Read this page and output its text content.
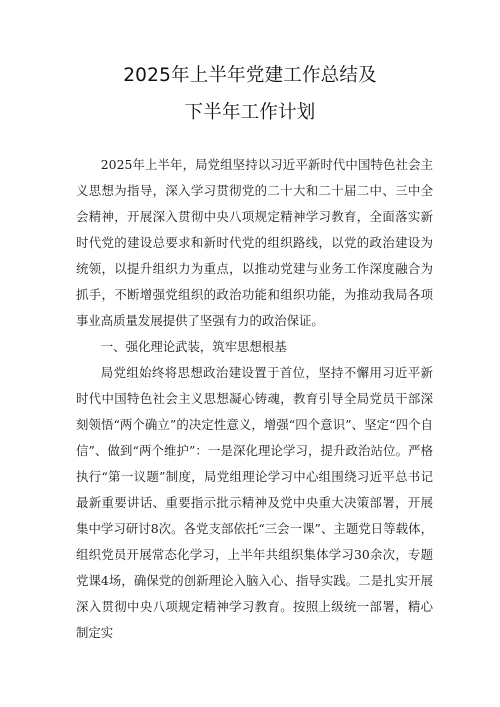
2025年上半年党建工作总结及
下半年工作计划

2025年上半年，局党组坚持以习近平新时代中国特色社会主义思想为指导，深入学习贯彻党的二十大和二十届二中、三中全会精神，开展深入贯彻中央八项规定精神学习教育，全面落实新时代党的建设总要求和新时代党的组织路线，以党的政治建设为统领，以提升组织力为重点，以推动党建与业务工作深度融合为抓手，不断增强党组织的政治功能和组织功能，为推动我局各项事业高质量发展提供了坚强有力的政治保证。

一、强化理论武装，筑牢思想根基

局党组始终将思想政治建设置于首位，坚持不懈用习近平新时代中国特色社会主义思想凝心铸魂，教育引导全局党员干部深刻领悟“两个确立”的决定性意义，增强“四个意识”、坚定“四个自信”、做到“两个维护”：一是深化理论学习，提升政治站位。严格执行“第一议题”制度，局党组理论学习中心组围绕习近平总书记最新重要讲话、重要指示批示精神及党中央重大决策部署，开展集中学习研讨8次。各党支部依托“三会一课”、主题党日等载体，组织党员开展常态化学习，上半年共组织集体学习30余次，专题党课4场，确保党的创新理论入脑入心、指导实践。二是扎实开展深入贯彻中央八项规定精神学习教育。按照上级统一部署，精心制定实
